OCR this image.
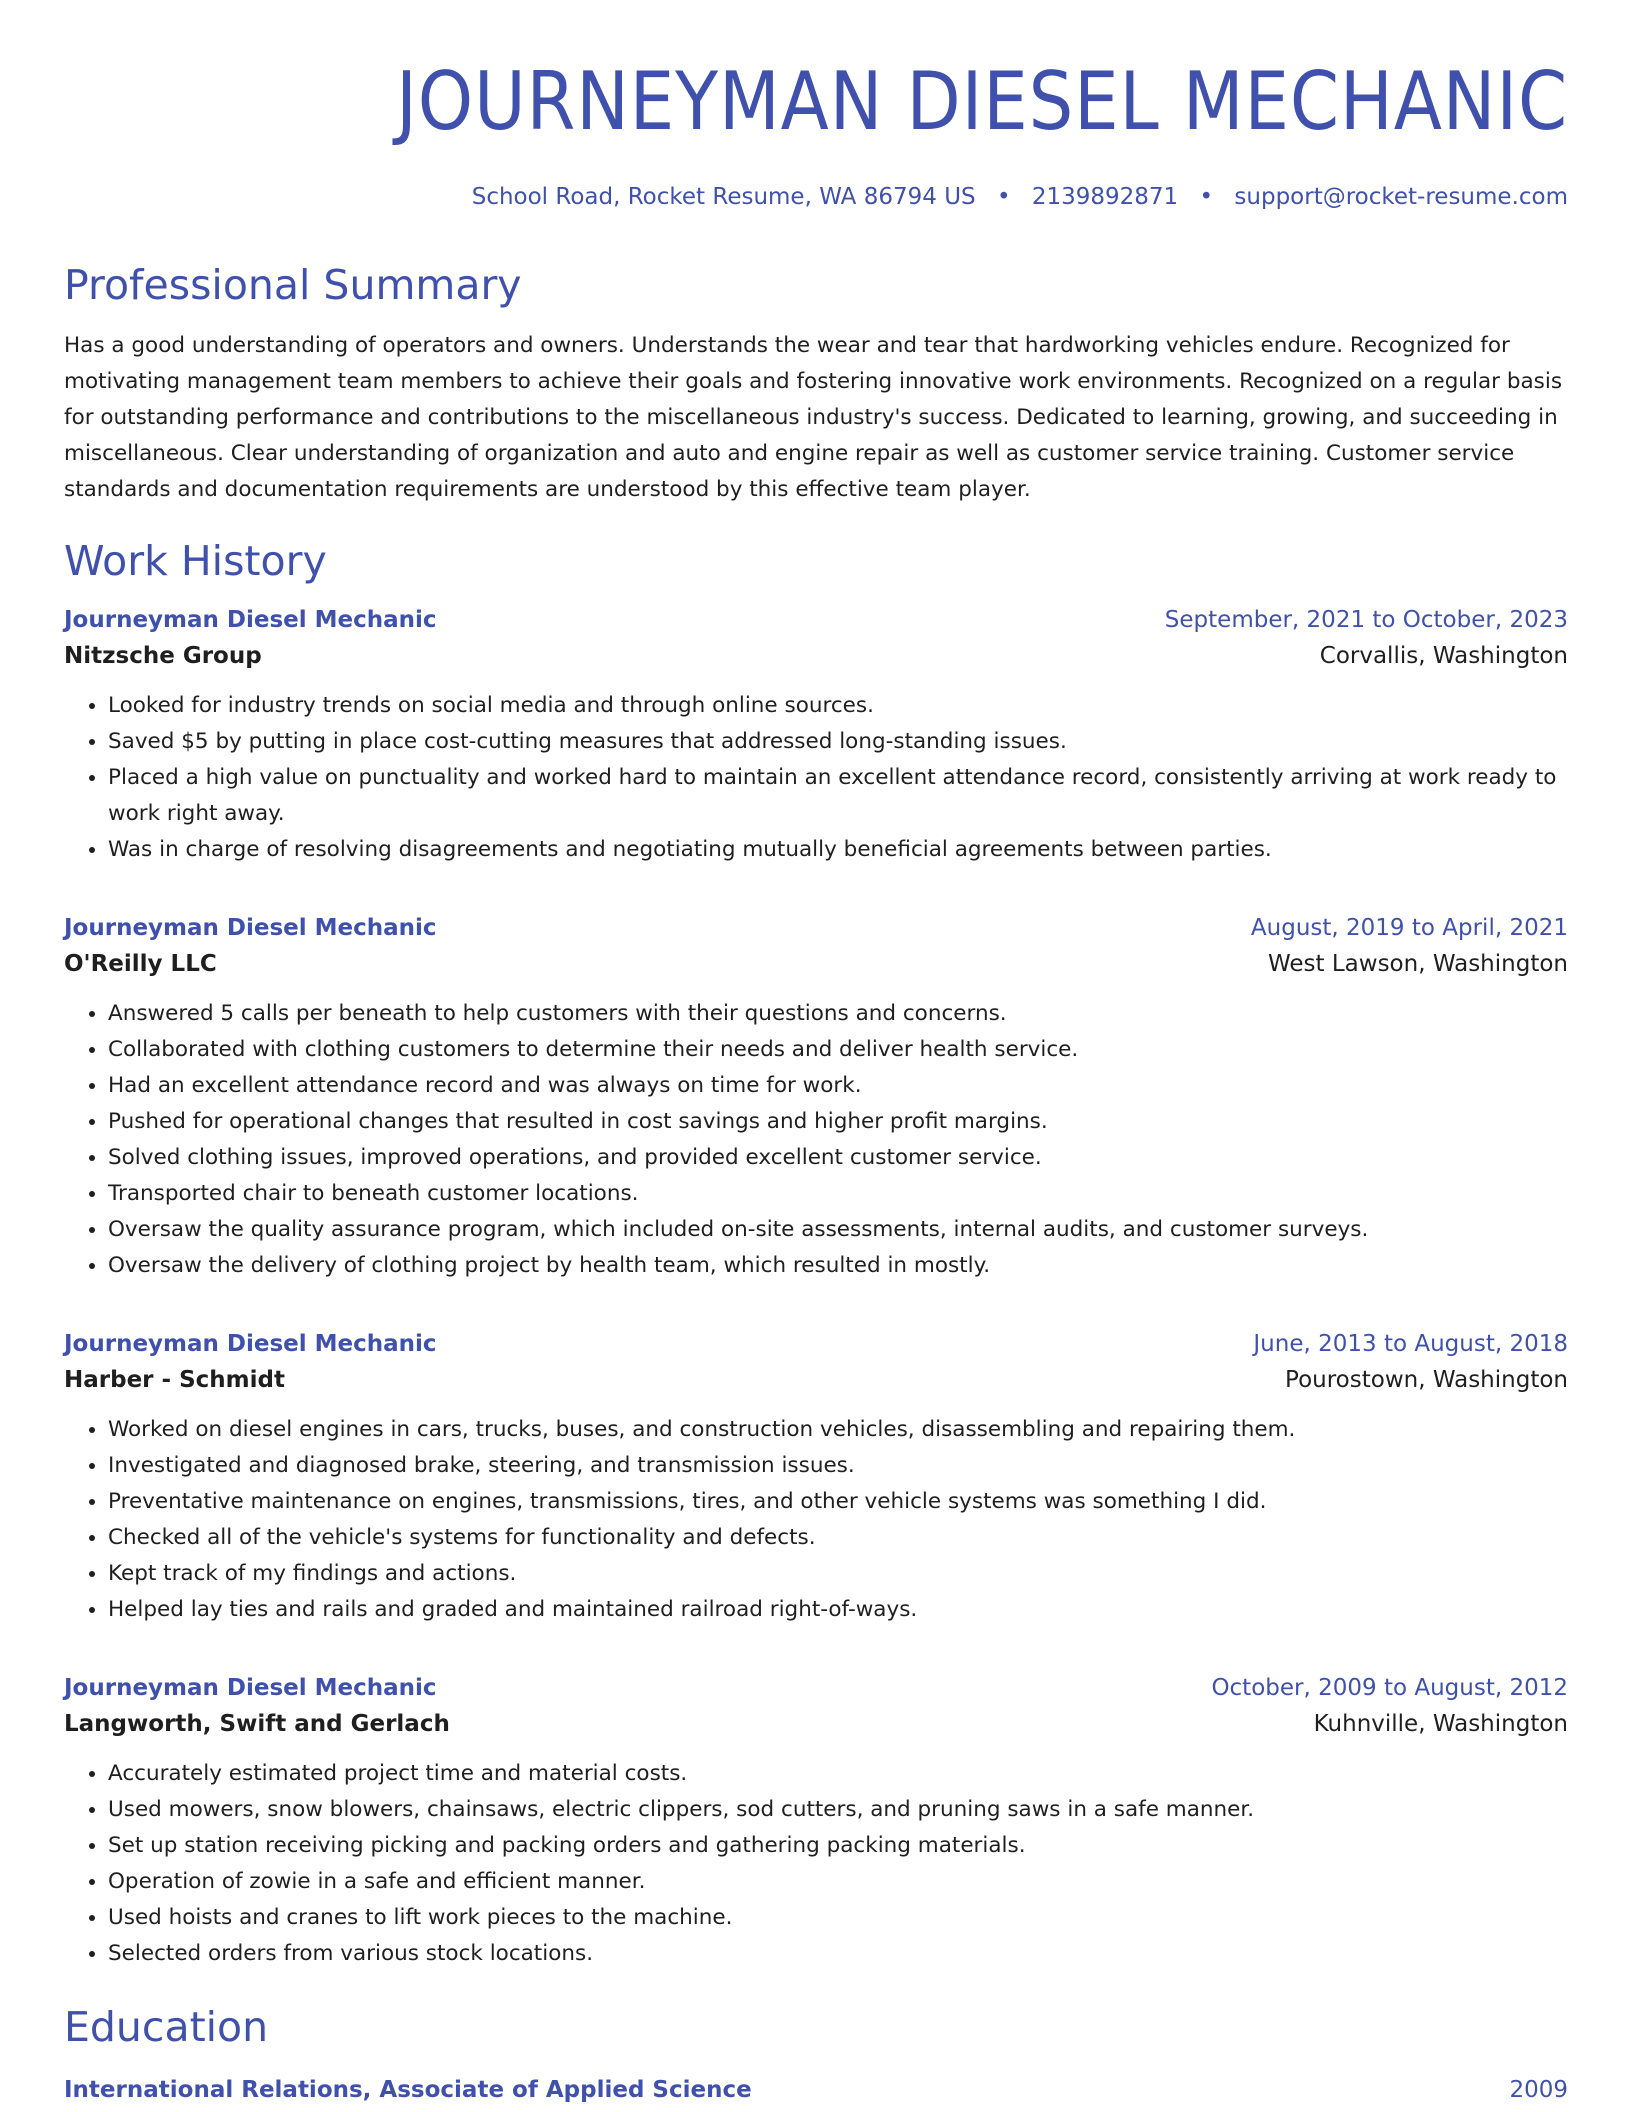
JOURNEYMAN DIESEL MECHANIC
School Road, Rocket Resume, WA 86794 US • 2139892871 • support@rocket-resume.com
Professional Summary

Has a good understanding of operators and owners. Understands the wear and tear that hardworking vehicles endure. Recognized for motivating management team members to achieve their goals and fostering innovative work environments. Recognized on a regular basis for outstanding performance and contributions to the miscellaneous industry's success. Dedicated to learning, growing, and succeeding in miscellaneous. Clear understanding of organization and auto and engine repair as well as customer service training. Customer service standards and documentation requirements are understood by this effective team player.

Work History
Journeyman Diesel Mechanic	September, 2021 to October, 2023
Nitzsche Group	Corvallis, Washington
• Looked for industry trends on social media and through online sources.
• Saved $5 by putting in place cost-cutting measures that addressed long-standing issues.
• Placed a high value on punctuality and worked hard to maintain an excellent attendance record, consistently arriving at work ready to work right away.
• Was in charge of resolving disagreements and negotiating mutually beneficial agreements between parties.
Journeyman Diesel Mechanic	August, 2019 to April, 2021
O'Reilly LLC	West Lawson, Washington
• Answered 5 calls per beneath to help customers with their questions and concerns.
• Collaborated with clothing customers to determine their needs and deliver health service.
• Had an excellent attendance record and was always on time for work.
• Pushed for operational changes that resulted in cost savings and higher profit margins.
• Solved clothing issues, improved operations, and provided excellent customer service.
• Transported chair to beneath customer locations.
• Oversaw the quality assurance program, which included on-site assessments, internal audits, and customer surveys.
• Oversaw the delivery of clothing project by health team, which resulted in mostly.
Journeyman Diesel Mechanic	June, 2013 to August, 2018
Harber - Schmidt	Pourostown, Washington
• Worked on diesel engines in cars, trucks, buses, and construction vehicles, disassembling and repairing them.
• Investigated and diagnosed brake, steering, and transmission issues.
• Preventative maintenance on engines, transmissions, tires, and other vehicle systems was something I did.
• Checked all of the vehicle's systems for functionality and defects.
• Kept track of my findings and actions.
• Helped lay ties and rails and graded and maintained railroad right-of-ways.
Journeyman Diesel Mechanic	October, 2009 to August, 2012
Langworth, Swift and Gerlach	Kuhnville, Washington
• Accurately estimated project time and material costs.
• Used mowers, snow blowers, chainsaws, electric clippers, sod cutters, and pruning saws in a safe manner.
• Set up station receiving picking and packing orders and gathering packing materials.
• Operation of zowie in a safe and efficient manner.
• Used hoists and cranes to lift work pieces to the machine.
• Selected orders from various stock locations.
Education
International Relations, Associate of Applied Science	2009
